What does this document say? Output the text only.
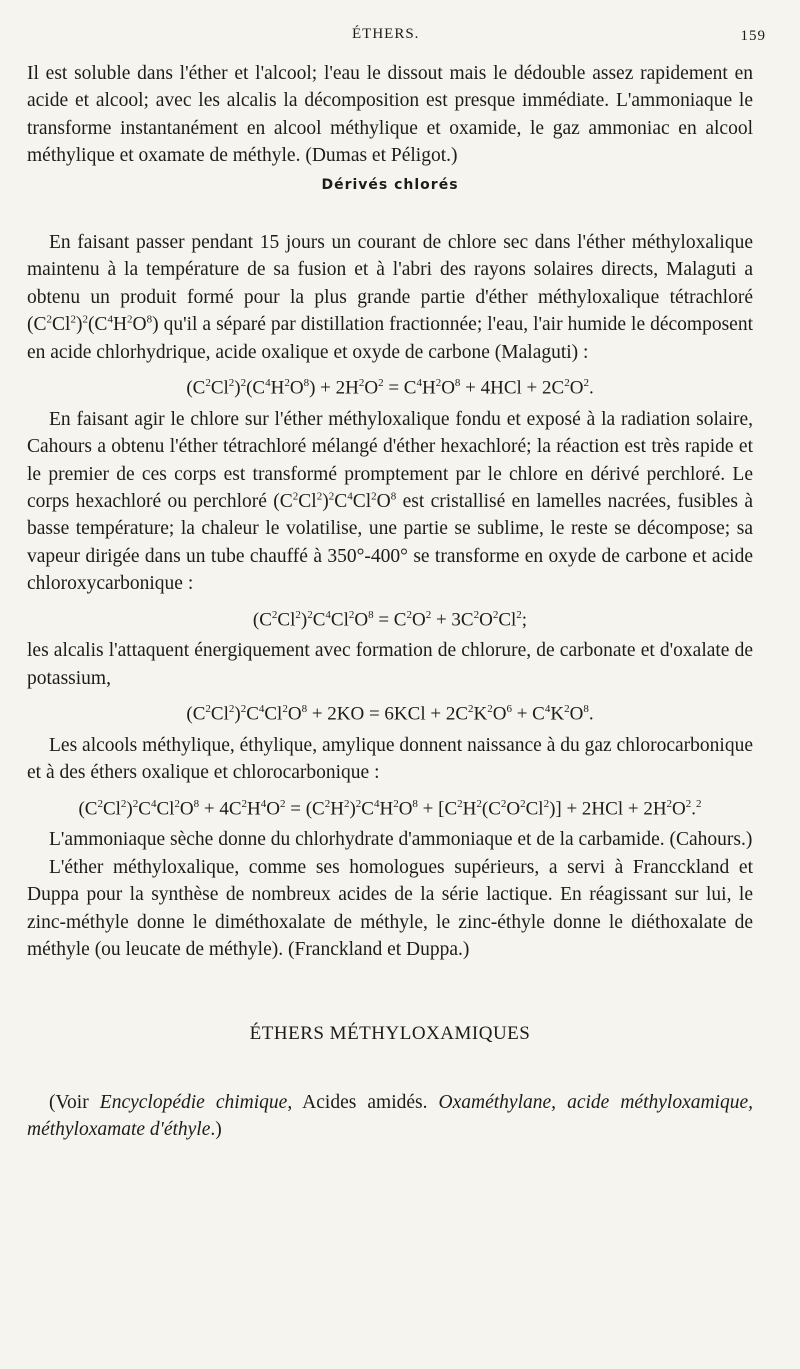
ÉTHERS.	159

Il est soluble dans l'éther et l'alcool; l'eau le dissout mais le dédouble assez rapidement en acide et alcool; avec les alcalis la décomposition est presque immédiate. L'ammoniaque le transforme instantanément en alcool méthylique et oxamide, le gaz ammoniac en alcool méthylique et oxamate de méthyle. (Dumas et Péligot.)

Dérivés chlorés

En faisant passer pendant 15 jours un courant de chlore sec dans l'éther méthyloxalique maintenu à la température de sa fusion et à l'abri des rayons solaires directs, Malaguti a obtenu un produit formé pour la plus grande partie d'éther méthyloxalique tétrachloré $(C^2Cl^2)^2(C^4H^2O^8)$ qu'il a séparé par distillation fractionnée; l'eau, l'air humide le décomposent en acide chlorhydrique, acide oxalique et oxyde de carbone (Malaguti) :

$(C^2Cl^2)^2(C^4H^2O^8) + 2H^2O^2 = C^4H^2O^8 + 4HCl + 2C^2O^2$.

En faisant agir le chlore sur l'éther méthyloxalique fondu et exposé à la radiation solaire, Cahours a obtenu l'éther tétrachloré mélangé d'éther hexachloré; la réaction est très rapide et le premier de ces corps est transformé promptement par le chlore en dérivé perchloré. Le corps hexachloré ou perchloré $(C^2Cl^2)^2C^4Cl^2O^8$ est cristallisé en lamelles nacrées, fusibles à basse température; la chaleur le volatilise, une partie se sublime, le reste se décompose; sa vapeur dirigée dans un tube chauffé à 350°-400° se transforme en oxyde de carbone et acide chloroxycarbonique :

$(C^2Cl^2)^2C^4Cl^2O^8 = C^2O^2 + 3C^2O^2Cl^2$;

les alcalis l'attaquent énergiquement avec formation de chlorure, de carbonate et d'oxalate de potassium,

$(C^2Cl^2)^2C^4Cl^2O^8 + 2KO = 6KCl + 2C^2K^2O^6 + C^4K^2O^8$.

Les alcools méthylique, éthylique, amylique donnent naissance à du gaz chlorocarbonique et à des éthers oxalique et chlorocarbonique :

$(C^2Cl^2)^2C^4Cl^2O^8 + 4C^2H^4O^2 = (C^2H^2)^2C^4H^2O^8 + [C^2H^2(C^2O^2Cl^2)] + 2HCl + 2H^2O^2.^2$

L'ammoniaque sèche donne du chlorhydrate d'ammoniaque et de la carbamide. (Cahours.)

L'éther méthyloxalique, comme ses homologues supérieurs, a servi à Francckland et Duppa pour la synthèse de nombreux acides de la série lactique. En réagissant sur lui, le zinc-méthyle donne le diméthoxalate de méthyle, le zinc-éthyle donne le diéthoxalate de méthyle (ou leucate de méthyle). (Franckland et Duppa.)

ÉTHERS MÉTHYLOXAMIQUES

(Voir Encyclopédie chimique, Acides amidés. Oxaméthylane, acide méthyloxamique, méthyloxamate d'éthyle.)
